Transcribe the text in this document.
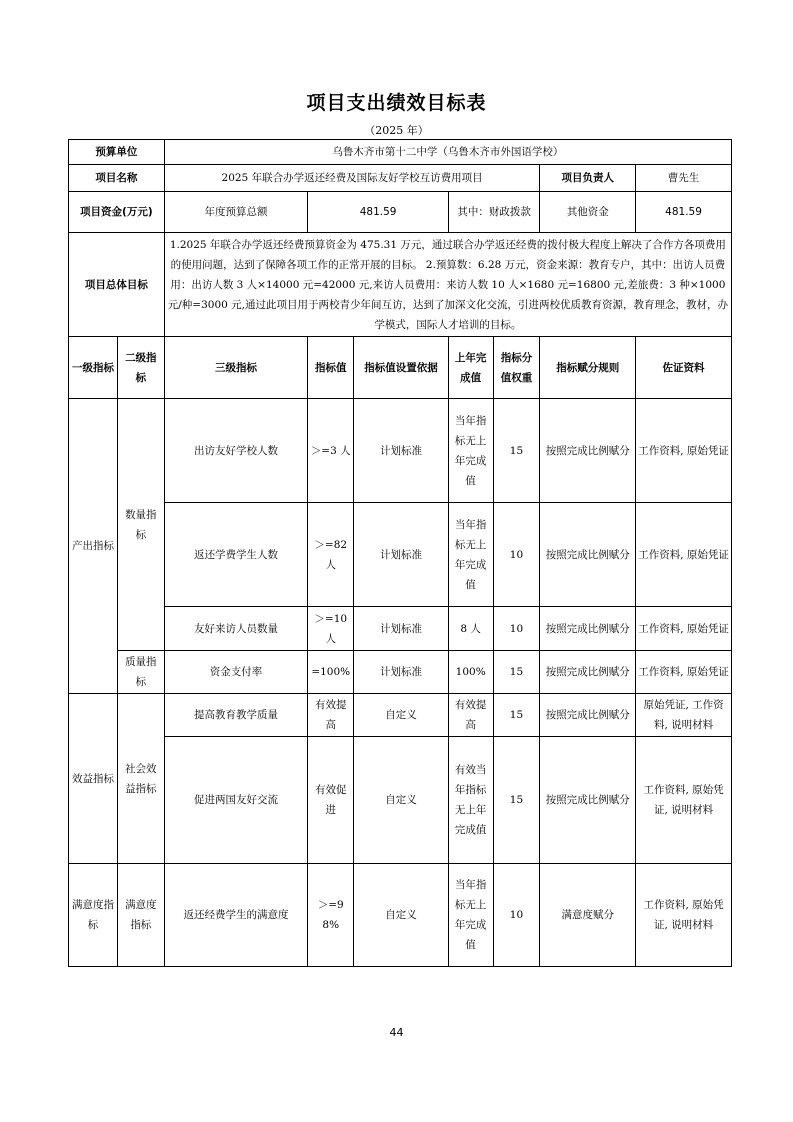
项目支出绩效目标表
（2025 年）
预算单位		乌鲁木齐市第十二中学（乌鲁木齐市外国语学校）						
项目名称		2025 年联合办学返还经费及国际友好学校互访费用项目					项目负责人	曹先生
项目资金(万元)		年度预算总额	481.59		其中：财政拨款		其他资金	481.59
项目总体目标		1.2025 年联合办学返还经费预算资金为 475.31 万元，通过联合办学返还经费的拨付极大程度上解决了合作方各项费用的使用问题，达到了保障各项工作的正常开展的目标。 2.预算数：6.28 万元，资金来源：教育专户，其中：出访人员费用：出访人数 3 人×14000 元=42000 元,来访人员费用：来访人数 10 人×1680 元=16800 元,差旅费：3 种×1000 元/种=3000 元,通过此项目用于两校青少年间互访，达到了加深文化交流，引进两校优质教育资源，教育理念，教材，办学模式，国际人才培训的目标。						
一级指标	二级指标	三级指标	指标值	指标值设置依据	上年完成值	指标分值权重	指标赋分规则	佐证资料
产出指标	数量指标	出访友好学校人数	＞=3 人	计划标准	当年指标无上年完成值	15	按照完成比例赋分	工作资料, 原始凭证
		返还学费学生人数	＞=82 人	计划标准	当年指标无上年完成值	10	按照完成比例赋分	工作资料, 原始凭证
		友好来访人员数量	＞=10 人	计划标准	8 人	10	按照完成比例赋分	工作资料, 原始凭证
	质量指标	资金支付率	=100%	计划标准	100%	15	按照完成比例赋分	工作资料, 原始凭证
效益指标	社会效益指标	提高教育教学质量	有效提高	自定义	有效提高	15	按照完成比例赋分	原始凭证, 工作资料, 说明材料
		促进两国友好交流	有效促进	自定义	有效当年指标无上年完成值	15	按照完成比例赋分	工作资料, 原始凭证, 说明材料
满意度指标	满意度指标	返还经费学生的满意度	＞=98%	自定义	当年指标无上年完成值	10	满意度赋分	工作资料, 原始凭证, 说明材料
44
